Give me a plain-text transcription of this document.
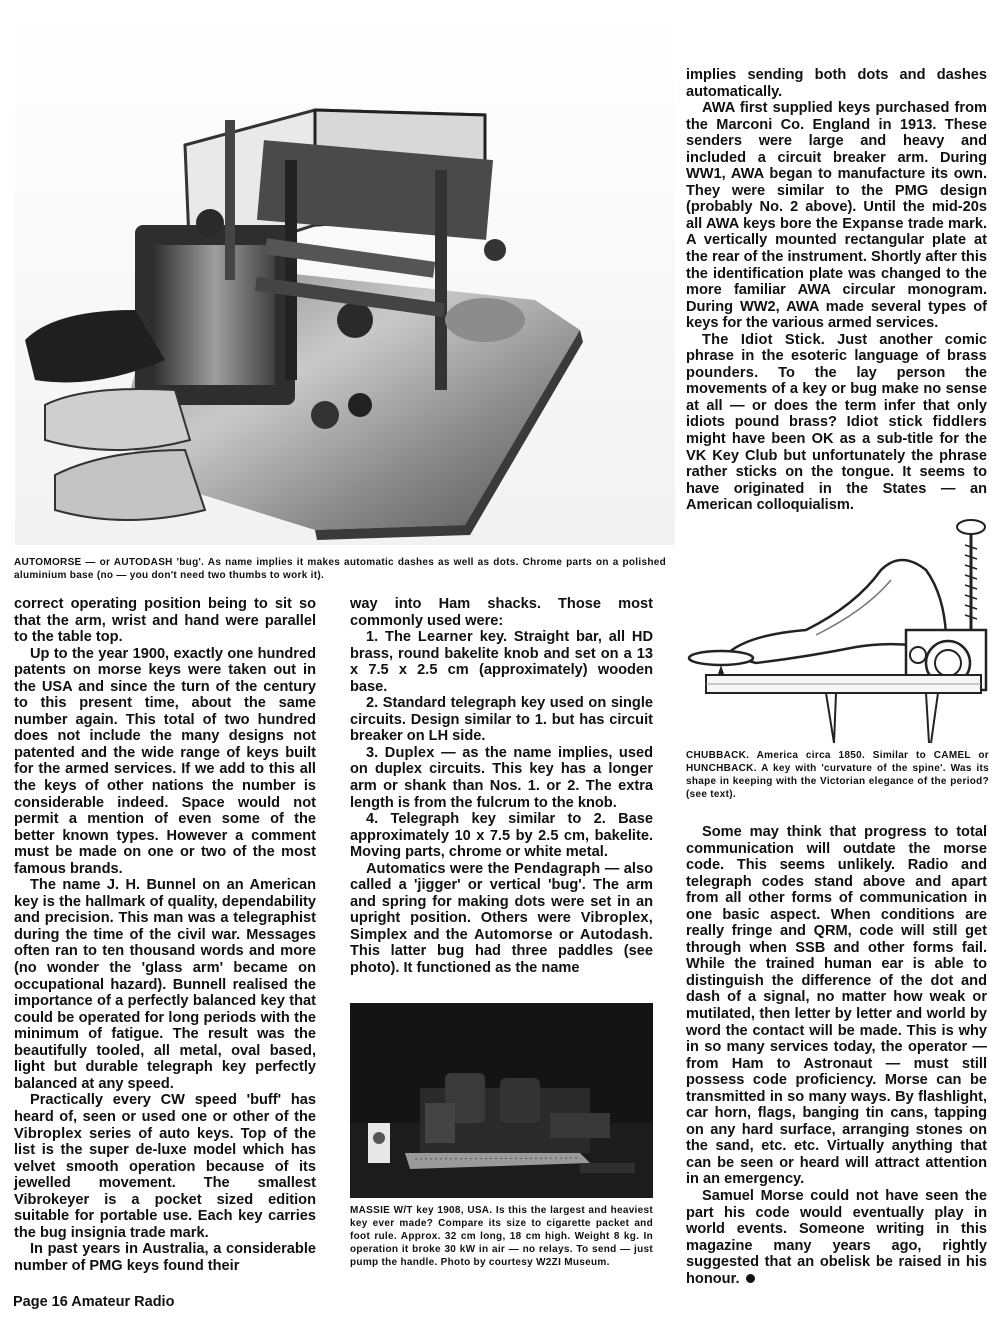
AUTOMORSE — or AUTODASH 'bug'. As name implies it makes automatic dashes as well as dots. Chrome parts on a polished aluminium base (no — you don't need two thumbs to work it).

implies sending both dots and dashes automatically.

AWA first supplied keys purchased from the Marconi Co. England in 1913. These senders were large and heavy and included a circuit breaker arm. During WW1, AWA began to manufacture its own. They were similar to the PMG design (probably No. 2 above). Until the mid-20s all AWA keys bore the Expanse trade mark. A vertically mounted rectangular plate at the rear of the instrument. Shortly after this the identification plate was changed to the more familiar AWA circular monogram. During WW2, AWA made several types of keys for the various armed services.

The Idiot Stick. Just another comic phrase in the esoteric language of brass pounders. To the lay person the movements of a key or bug make no sense at all — or does the term infer that only idiots pound brass? Idiot stick fiddlers might have been OK as a sub-title for the VK Key Club but unfortunately the phrase rather sticks on the tongue. It seems to have originated in the States — an American colloquialism.

CHUBBACK. America circa 1850. Similar to CAMEL or HUNCHBACK. A key with 'curvature of the spine'. Was its shape in keeping with the Victorian elegance of the period? (see text).

correct operating position being to sit so that the arm, wrist and hand were parallel to the table top.

Up to the year 1900, exactly one hundred patents on morse keys were taken out in the USA and since the turn of the century to this present time, about the same number again. This total of two hundred does not include the many designs not patented and the wide range of keys built for the armed services. If we add to this all the keys of other nations the number is considerable indeed. Space would not permit a mention of even some of the better known types. However a comment must be made on one or two of the most famous brands.

The name J. H. Bunnel on an American key is the hallmark of quality, dependability and precision. This man was a telegraphist during the time of the civil war. Messages often ran to ten thousand words and more (no wonder the 'glass arm' became on occupational hazard). Bunnell realised the importance of a perfectly balanced key that could be operated for long periods with the minimum of fatigue. The result was the beautifully tooled, all metal, oval based, light but durable telegraph key perfectly balanced at any speed.

Practically every CW speed 'buff' has heard of, seen or used one or other of the Vibroplex series of auto keys. Top of the list is the super de-luxe model which has velvet smooth operation because of its jewelled movement. The smallest Vibrokeyer is a pocket sized edition suitable for portable use. Each key carries the bug insignia trade mark.

In past years in Australia, a considerable number of PMG keys found their

way into Ham shacks. Those most commonly used were:

1. The Learner key. Straight bar, all HD brass, round bakelite knob and set on a 13 x 7.5 x 2.5 cm (approximately) wooden base.

2. Standard telegraph key used on single circuits. Design similar to 1. but has circuit breaker on LH side.

3. Duplex — as the name implies, used on duplex circuits. This key has a longer arm or shank than Nos. 1. or 2. The extra length is from the fulcrum to the knob.

4. Telegraph key similar to 2. Base approximately 10 x 7.5 by 2.5 cm, bakelite. Moving parts, chrome or white metal.

Automatics were the Pendagraph — also called a 'jigger' or vertical 'bug'. The arm and spring for making dots were set in an upright position. Others were Vibroplex, Simplex and the Automorse or Autodash. This latter bug had three paddles (see photo). It functioned as the name

MASSIE W/T key 1908, USA. Is this the largest and heaviest key ever made? Compare its size to cigarette packet and foot rule. Approx. 32 cm long, 18 cm high. Weight 8 kg. In operation it broke 30 kW in air — no relays. To send — just pump the handle. Photo by courtesy W2ZI Museum.

Some may think that progress to total communication will outdate the morse code. This seems unlikely. Radio and telegraph codes stand above and apart from all other forms of communication in one basic aspect. When conditions are really fringe and QRM, code will still get through when SSB and other forms fail. While the trained human ear is able to distinguish the difference of the dot and dash of a signal, no matter how weak or mutilated, then letter by letter and world by word the contact will be made. This is why in so many services today, the operator — from Ham to Astronaut — must still possess code proficiency. Morse can be transmitted in so many ways. By flashlight, car horn, flags, banging tin cans, tapping on any hard surface, arranging stones on the sand, etc. etc. Virtually anything that can be seen or heard will attract attention in an emergency.

Samuel Morse could not have seen the part his code would eventually play in world events. Someone writing in this magazine many years ago, rightly suggested that an obelisk be raised in his honour.

Page 16 Amateur Radio
